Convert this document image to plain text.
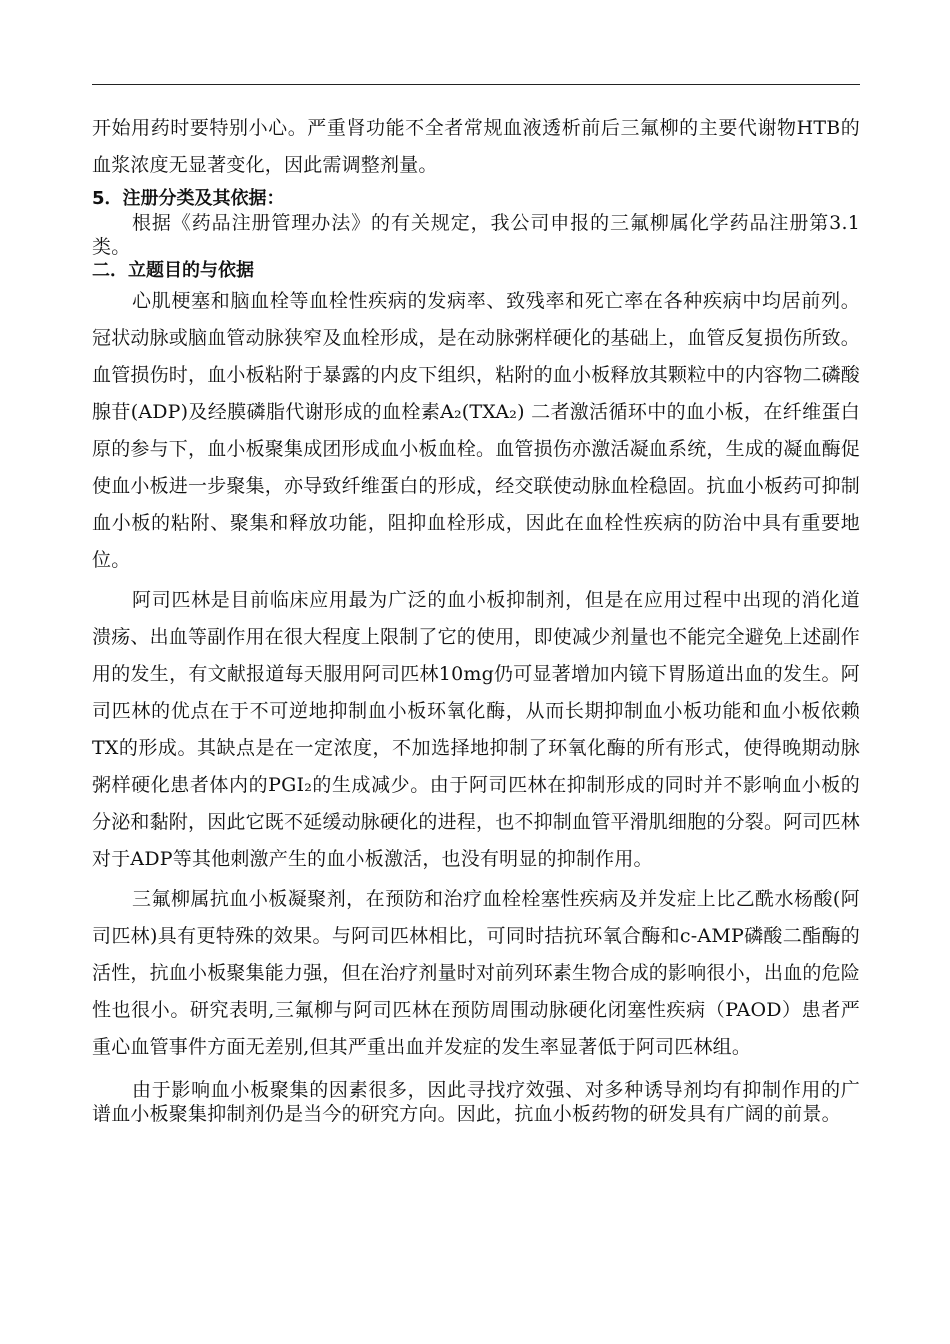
开始用药时要特别小心。严重肾功能不全者常规血液透析前后三氟柳的主要代谢物HTB的血浆浓度无显著变化，因此需调整剂量。

5．注册分类及其依据：

根据《药品注册管理办法》的有关规定，我公司申报的三氟柳属化学药品注册第3.1类。

二．立题目的与依据

心肌梗塞和脑血栓等血栓性疾病的发病率、致残率和死亡率在各种疾病中均居前列。冠状动脉或脑血管动脉狭窄及血栓形成，是在动脉粥样硬化的基础上，血管反复损伤所致。血管损伤时，血小板粘附于暴露的内皮下组织，粘附的血小板释放其颗粒中的内容物二磷酸腺苷(ADP)及经膜磷脂代谢形成的血栓素A₂(TXA₂) 二者激活循环中的血小板，在纤维蛋白原的参与下，血小板聚集成团形成血小板血栓。血管损伤亦激活凝血系统，生成的凝血酶促使血小板进一步聚集，亦导致纤维蛋白的形成，经交联使动脉血栓稳固。抗血小板药可抑制血小板的粘附、聚集和释放功能，阻抑血栓形成，因此在血栓性疾病的防治中具有重要地位。

阿司匹林是目前临床应用最为广泛的血小板抑制剂，但是在应用过程中出现的消化道溃疡、出血等副作用在很大程度上限制了它的使用，即使减少剂量也不能完全避免上述副作用的发生，有文献报道每天服用阿司匹林10mg仍可显著增加内镜下胃肠道出血的发生。阿司匹林的优点在于不可逆地抑制血小板环氧化酶，从而长期抑制血小板功能和血小板依赖TX的形成。其缺点是在一定浓度，不加选择地抑制了环氧化酶的所有形式，使得晚期动脉粥样硬化患者体内的PGI₂的生成减少。由于阿司匹林在抑制形成的同时并不影响血小板的分泌和黏附，因此它既不延缓动脉硬化的进程，也不抑制血管平滑肌细胞的分裂。阿司匹林对于ADP等其他刺激产生的血小板激活，也没有明显的抑制作用。

三氟柳属抗血小板凝聚剂，在预防和治疗血栓栓塞性疾病及并发症上比乙酰水杨酸(阿司匹林)具有更特殊的效果。与阿司匹林相比，可同时拮抗环氧合酶和c-AMP磷酸二酯酶的活性，抗血小板聚集能力强，但在治疗剂量时对前列环素生物合成的影响很小，出血的危险性也很小。研究表明,三氟柳与阿司匹林在预防周围动脉硬化闭塞性疾病（PAOD）患者严重心血管事件方面无差别,但其严重出血并发症的发生率显著低于阿司匹林组。

由于影响血小板聚集的因素很多，因此寻找疗效强、对多种诱导剂均有抑制作用的广谱血小板聚集抑制剂仍是当今的研究方向。因此，抗血小板药物的研发具有广阔的前景。
